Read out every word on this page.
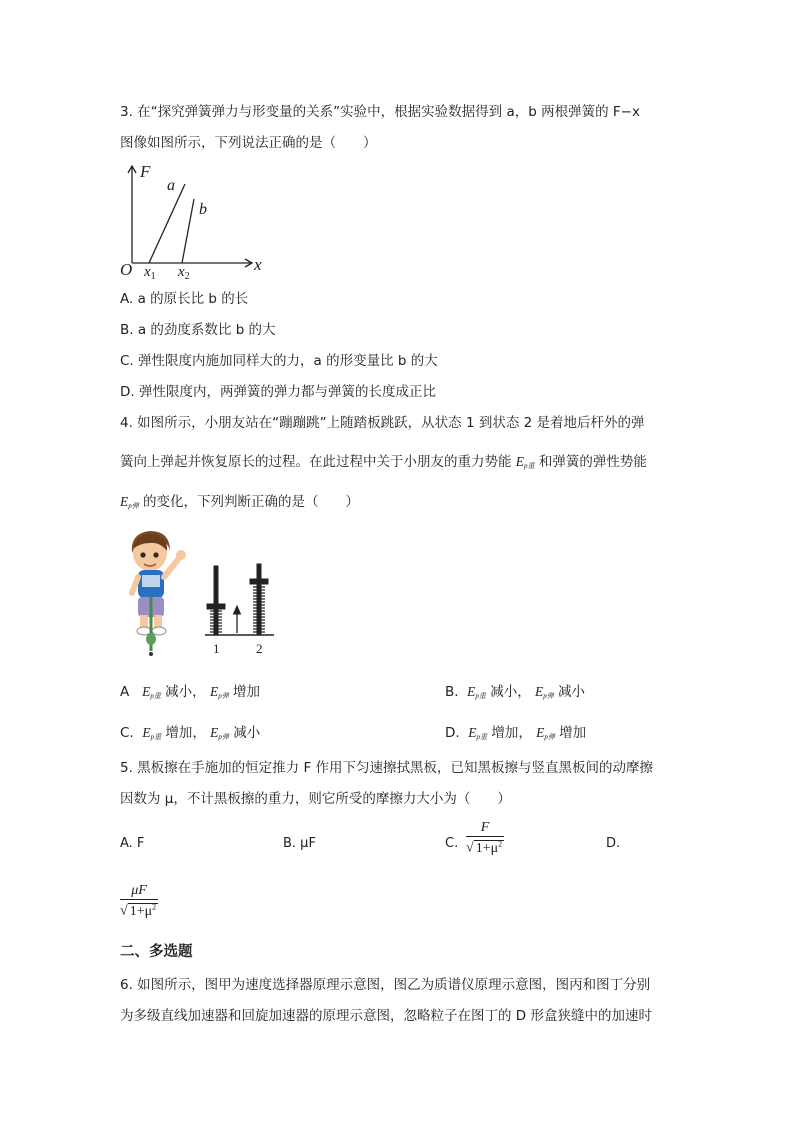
3. 在“探究弹簧弹力与形变量的关系”实验中，根据实验数据得到 a，b 两根弹簧的 F−x
图像如图所示，下列说法正确的是（　　）
F
a
b
O $x_1$ $x_2$
x
A. a 的原长比 b 的长
B. a 的劲度系数比 b 的大
C. 弹性限度内施加同样大的力，a 的形变量比 b 的大
D. 弹性限度内，两弹簧的弹力都与弹簧的长度成正比
4. 如图所示，小朋友站在“蹦蹦跳”上随踏板跳跃，从状态 1 到状态 2 是着地后杆外的弹
簧向上弹起并恢复原长的过程。在此过程中关于小朋友的重力势能 $E_{p重}$ 和弹簧的弹性势能
$E_{p弹}$ 的变化，下列判断正确的是（　　）
1	2
A $E_{p重}$ 减小， $E_{p弹}$ 增加	B. $E_{p重}$ 减小， $E_{p弹}$ 减小
C. $E_{p重}$ 增加， $E_{p弹}$ 减小	D. $E_{p重}$ 增加， $E_{p弹}$ 增加
5. 黑板擦在手施加的恒定推力 F 作用下匀速擦拭黑板，已知黑板擦与竖直黑板间的动摩擦
因数为 μ，不计黑板擦的重力，则它所受的摩擦力大小为（　　）
A. F	B. μF	C. $\frac{F}{√ 1+\mu^2}$	D.
$\frac{\mu F}{√ 1+\mu^2}$
二、多选题
6. 如图所示，图甲为速度选择器原理示意图，图乙为质谱仪原理示意图，图丙和图丁分别
为多级直线加速器和回旋加速器的原理示意图，忽略粒子在图丁的 D 形盒狭缝中的加速时
